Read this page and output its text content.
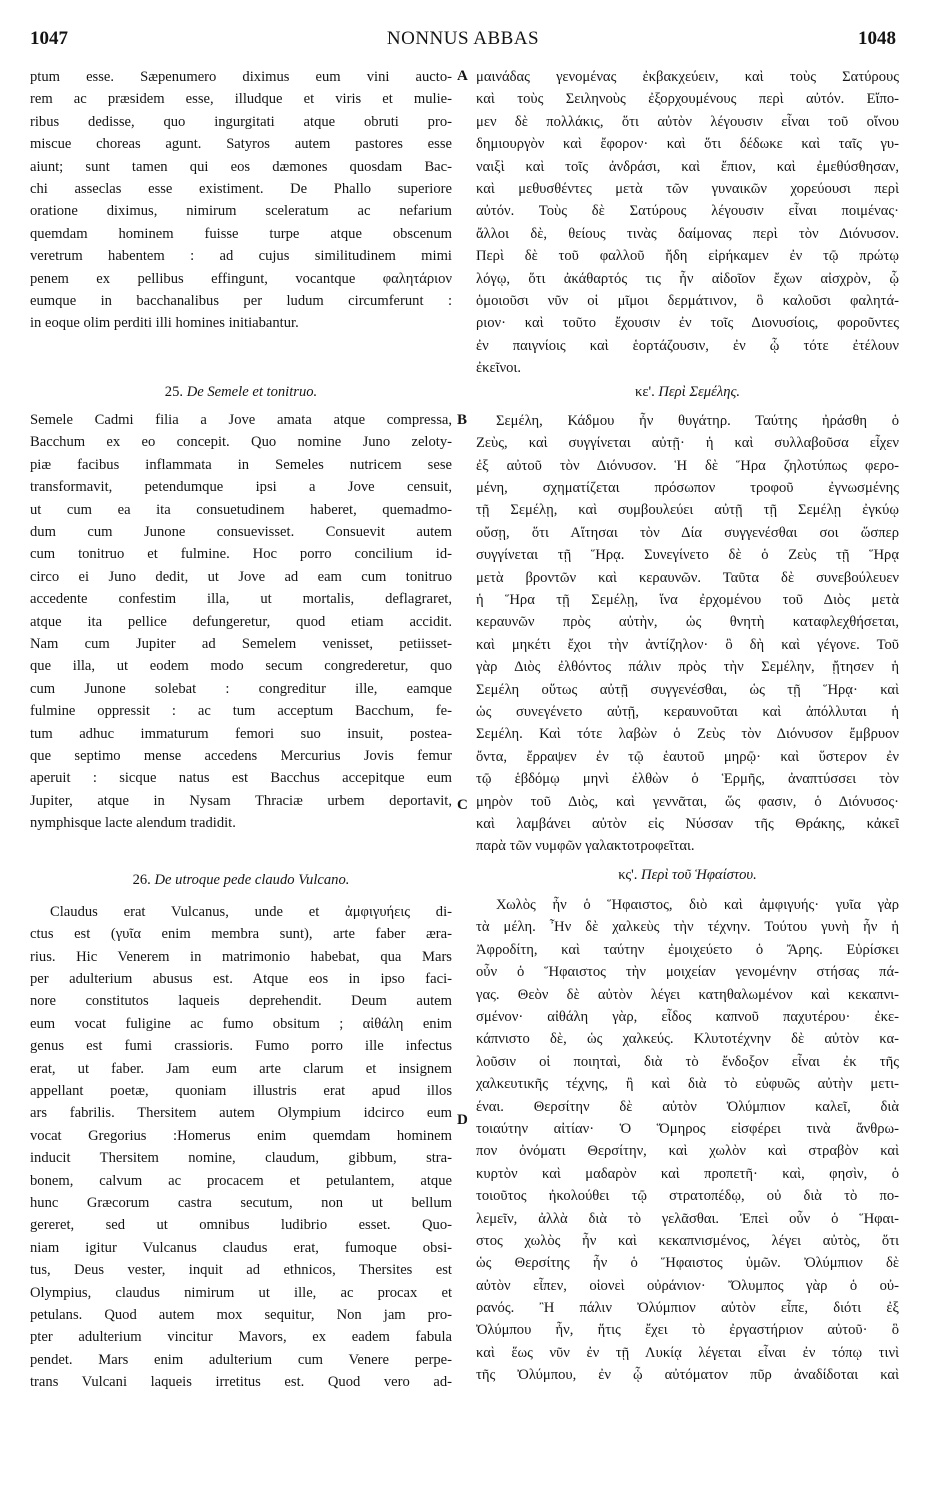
1047	NONNUS ABBAS	1048
A
B
C
D
ptum esse. Sæpenumero diximus eum vini aucto-
rem ac præsidem esse, illudque et viris et mulie-
ribus dedisse, quo ingurgitati atque obruti pro-
miscue choreas agunt. Satyros autem pastores esse
aiunt; sunt tamen qui eos dæmones quosdam Bac-
chi asseclas esse existiment. De Phallo superiore
oratione diximus, nimirum sceleratum ac nefarium
quemdam hominem fuisse turpe atque obscenum
veretrum habentem : ad cujus similitudinem mimi
penem ex pellibus effingunt, vocantque φαλητάριον
eumque in bacchanalibus per ludum circumferunt :
in eoque olim perditi illi homines initiabantur.
25. De Semele et tonitruo.
Semele Cadmi filia a Jove amata atque compressa,
Bacchum ex eo concepit. Quo nomine Juno zeloty-
piæ facibus inflammata in Semeles nutricem sese
transformavit, petendumque ipsi a Jove censuit,
ut cum ea ita consuetudinem haberet, quemadmo-
dum cum Junone consuevisset. Consuevit autem
cum tonitruo et fulmine. Hoc porro concilium id-
circo ei Juno dedit, ut Jove ad eam cum tonitruo
accedente confestim illa, ut mortalis, deflagraret,
atque ita pellice defungeretur, quod etiam accidit.
Nam cum Jupiter ad Semelem venisset, petiisset-
que illa, ut eodem modo secum congrederetur, quo
cum Junone solebat : congreditur ille, eamque
fulmine oppressit : ac tum acceptum Bacchum, fe-
tum adhuc immaturum femori suo insuit, postea-
que septimo mense accedens Mercurius Jovis femur
aperuit : sicque natus est Bacchus accepitque eum
Jupiter, atque in Nysam Thraciæ urbem deportavit,
nymphisque lacte alendum tradidit.
26. De utroque pede claudo Vulcano.
Claudus erat Vulcanus, unde et ἀμφιγυήεις di-
ctus est (γυῖα enim membra sunt), arte faber æra-
rius. Hic Venerem in matrimonio habebat, qua Mars
per adulterium abusus est. Atque eos in ipso faci-
nore constitutos laqueis deprehendit. Deum autem
eum vocat fuligine ac fumo obsitum ; αἰθάλη enim
genus est fumi crassioris. Fumo porro ille infectus
erat, ut faber. Jam eum arte clarum et insignem
appellant poetæ, quoniam illustris erat apud illos
ars fabrilis. Thersitem autem Olympium idcirco eum
vocat Gregorius :Homerus enim quemdam hominem
inducit Thersitem nomine, claudum, gibbum, stra-
bonem, calvum ac procacem et petulantem, atque
hunc Græcorum castra secutum, non ut bellum
gereret, sed ut omnibus ludibrio esset. Quo-
niam igitur Vulcanus claudus erat, fumoque obsi-
tus, Deus vester, inquit ad ethnicos, Thersites est
Olympius, claudus nimirum ut ille, ac procax et
petulans. Quod autem mox sequitur, Non jam pro-
pter adulterium vincitur Mavors, ex eadem fabula
pendet. Mars enim adulterium cum Venere perpe-
trans Vulcani laqueis irretitus est. Quod vero ad-
μαινάδας γενομένας ἐκβακχεύειν, καὶ τοὺς Σατύρους
καὶ τοὺς Σειληνοὺς ἐξορχουμένους περὶ αὐτόν. Εἴπο-
μεν δὲ πολλάκις, ὅτι αὐτὸν λέγουσιν εἶναι τοῦ οἴνου
δημιουργὸν καὶ ἔφορον· καὶ ὅτι δέδωκε καὶ ταῖς γυ-
ναιξὶ καὶ τοῖς ἀνδράσι, καὶ ἔπιον, καὶ ἐμεθύσθησαν,
καὶ μεθυσθέντες μετὰ τῶν γυναικῶν χορεύουσι περὶ
αὐτόν. Τοὺς δὲ Σατύρους λέγουσιν εἶναι ποιμένας·
ἄλλοι δὲ, θείους τινὰς δαίμονας περὶ τὸν Διόνυσον.
Περὶ δὲ τοῦ φαλλοῦ ἤδη εἰρήκαμεν ἐν τῷ πρώτῳ
λόγῳ, ὅτι ἀκάθαρτός τις ἦν αἰδοῖον ἔχων αἰσχρὸν, ᾧ
ὁμοιοῦσι νῦν οἱ μῖμοι δερμάτινον, ὃ καλοῦσι φαλητά-
ριον· καὶ τοῦτο ἔχουσιν ἐν τοῖς Διονυσίοις, φοροῦντες
ἐν παιγνίοις καὶ ἑορτάζουσιν, ἐν ᾧ τότε ἐτέλουν
ἐκεῖνοι.
κε'. Περὶ Σεμέλης.
Σεμέλη, Κάδμου ἦν θυγάτηρ. Ταύτης ἠράσθη ὁ
Ζεὺς, καὶ συγγίνεται αὐτῇ· ἡ καὶ συλλαβοῦσα εἶχεν
ἐξ αὐτοῦ τὸν Διόνυσον. Ἡ δὲ Ἥρα ζηλοτύπως φερο-
μένη, σχηματίζεται πρόσωπον τροφοῦ ἐγνωσμένης
τῇ Σεμέλῃ, καὶ συμβουλεύει αὐτῇ τῇ Σεμέλῃ ἐγκύῳ
οὔσῃ, ὅτι Αἴτησαι τὸν Δία συγγενέσθαι σοι ὥσπερ
συγγίνεται τῇ Ἥρᾳ. Συνεγίνετο δὲ ὁ Ζεὺς τῇ Ἥρᾳ
μετὰ βροντῶν καὶ κεραυνῶν. Ταῦτα δὲ συνεβούλευεν
ἡ Ἥρα τῇ Σεμέλῃ, ἵνα ἐρχομένου τοῦ Διὸς μετὰ
κεραυνῶν πρὸς αὐτὴν, ὡς θνητὴ καταφλεχθήσεται,
καὶ μηκέτι ἔχοι τὴν ἀντίζηλον· ὃ δὴ καὶ γέγονε. Τοῦ
γὰρ Διὸς ἐλθόντος πάλιν πρὸς τὴν Σεμέλην, ᾔτησεν ἡ
Σεμέλη οὕτως αὐτῇ συγγενέσθαι, ὡς τῇ Ἥρᾳ· καὶ
ὡς συνεγένετο αὐτῇ, κεραυνοῦται καὶ ἀπόλλυται ἡ
Σεμέλη. Καὶ τότε λαβὼν ὁ Ζεὺς τὸν Διόνυσον ἔμβρυον
ὄντα, ἔρραψεν ἐν τῷ ἑαυτοῦ μηρῷ· καὶ ὕστερον ἐν
τῷ ἑβδόμῳ μηνὶ ἐλθὼν ὁ Ἑρμῆς, ἀναπτύσσει τὸν
μηρὸν τοῦ Διὸς, καὶ γεννᾶται, ὥς φασιν, ὁ Διόνυσος·
καὶ λαμβάνει αὐτὸν εἰς Νύσσαν τῆς Θράκης, κἀκεῖ
παρὰ τῶν νυμφῶν γαλακτοτροφεῖται.
κς'. Περὶ τοῦ Ἡφαίστου.
Χωλὸς ἦν ὁ Ἥφαιστος, διὸ καὶ ἀμφιγυής· γυῖα γὰρ
τὰ μέλη. Ἦν δὲ χαλκεὺς τὴν τέχνην. Τούτου γυνὴ ἦν ἡ
Ἀφροδίτη, καὶ ταύτην ἐμοιχεύετο ὁ Ἄρης. Εὑρίσκει
οὖν ὁ Ἥφαιστος τὴν μοιχείαν γενομένην στήσας πά-
γας. Θεὸν δὲ αὐτὸν λέγει κατηθαλωμένον καὶ κεκαπνι-
σμένον· αἰθάλη γὰρ, εἶδος καπνοῦ παχυτέρου· ἐκε-
κάπνιστο δὲ, ὡς χαλκεύς. Κλυτοτέχνην δὲ αὐτὸν κα-
λοῦσιν οἱ ποιηταὶ, διὰ τὸ ἔνδοξον εἶναι ἐκ τῆς
χαλκευτικῆς τέχνης, ἢ καὶ διὰ τὸ εὐφυῶς αὐτὴν μετι-
έναι. Θερσίτην δὲ αὐτὸν Ὀλύμπιον καλεῖ, διὰ
τοιαύτην αἰτίαν· Ὁ Ὅμηρος εἰσφέρει τινὰ ἄνθρω-
πον ὀνόματι Θερσίτην, καὶ χωλὸν καὶ στραβὸν καὶ
κυρτὸν καὶ μαδαρὸν καὶ προπετῆ· καὶ, φησὶν, ὁ
τοιοῦτος ἠκολούθει τῷ στρατοπέδῳ, οὐ διὰ τὸ πο-
λεμεῖν, ἀλλὰ διὰ τὸ γελᾶσθαι. Ἐπεὶ οὖν ὁ Ἥφαι-
στος χωλὸς ἦν καὶ κεκαπνισμένος, λέγει αὐτὸς, ὅτι
ὡς Θερσίτης ἦν ὁ Ἥφαιστος ὑμῶν. Ὀλύμπιον δὲ
αὐτὸν εἶπεν, οἱονεὶ οὐράνιον· Ὄλυμπος γὰρ ὁ οὐ-
ρανός. Ἢ πάλιν Ὀλύμπιον αὐτὸν εἶπε, διότι ἐξ
Ὀλύμπου ἦν, ἥτις ἔχει τὸ ἐργαστήριον αὐτοῦ· ὃ
καὶ ἕως νῦν ἐν τῇ Λυκίᾳ λέγεται εἶναι ἐν τόπῳ τινὶ
τῆς Ὀλύμπου, ἐν ᾧ αὐτόματον πῦρ ἀναδίδοται καὶ
